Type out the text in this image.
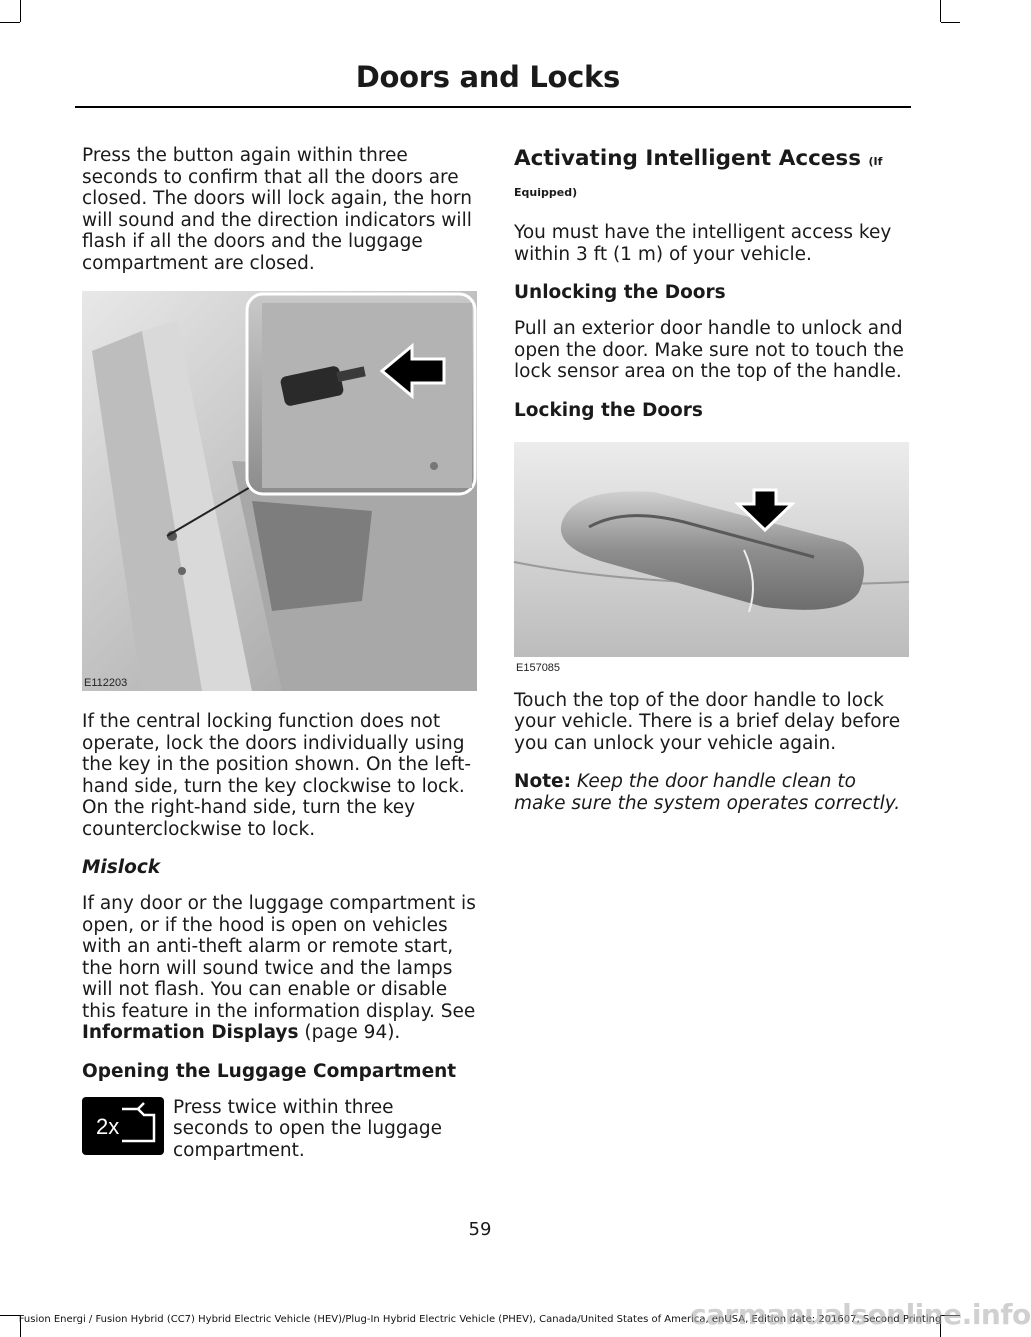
Doors and Locks

Press the button again within three seconds to confirm that all the doors are closed. The doors will lock again, the horn will sound and the direction indicators will flash if all the doors and the luggage compartment are closed.

E112203

If the central locking function does not operate, lock the doors individually using the key in the position shown. On the left-hand side, turn the key clockwise to lock. On the right-hand side, turn the key counterclockwise to lock.

Mislock

If any door or the luggage compartment is open, or if the hood is open on vehicles with an anti-theft alarm or remote start, the horn will sound twice and the lamps will not flash. You can enable or disable this feature in the information display. See Information Displays (page 94).

Opening the Luggage Compartment
2x

Press twice within three seconds to open the luggage compartment.

Activating Intelligent Access (If Equipped)

You must have the intelligent access key within 3 ft (1 m) of your vehicle.

Unlocking the Doors

Pull an exterior door handle to unlock and open the door. Make sure not to touch the lock sensor area on the top of the handle.

Locking the Doors
E157085

Touch the top of the door handle to lock your vehicle. There is a brief delay before you can unlock your vehicle again.

Note: Keep the door handle clean to make sure the system operates correctly.

59
Fusion Energi / Fusion Hybrid (CC7) Hybrid Electric Vehicle (HEV)/Plug-In Hybrid Electric Vehicle (PHEV), Canada/United States of America, enUSA, Edition date: 201607, Second Printing
carmanualsonline.info
